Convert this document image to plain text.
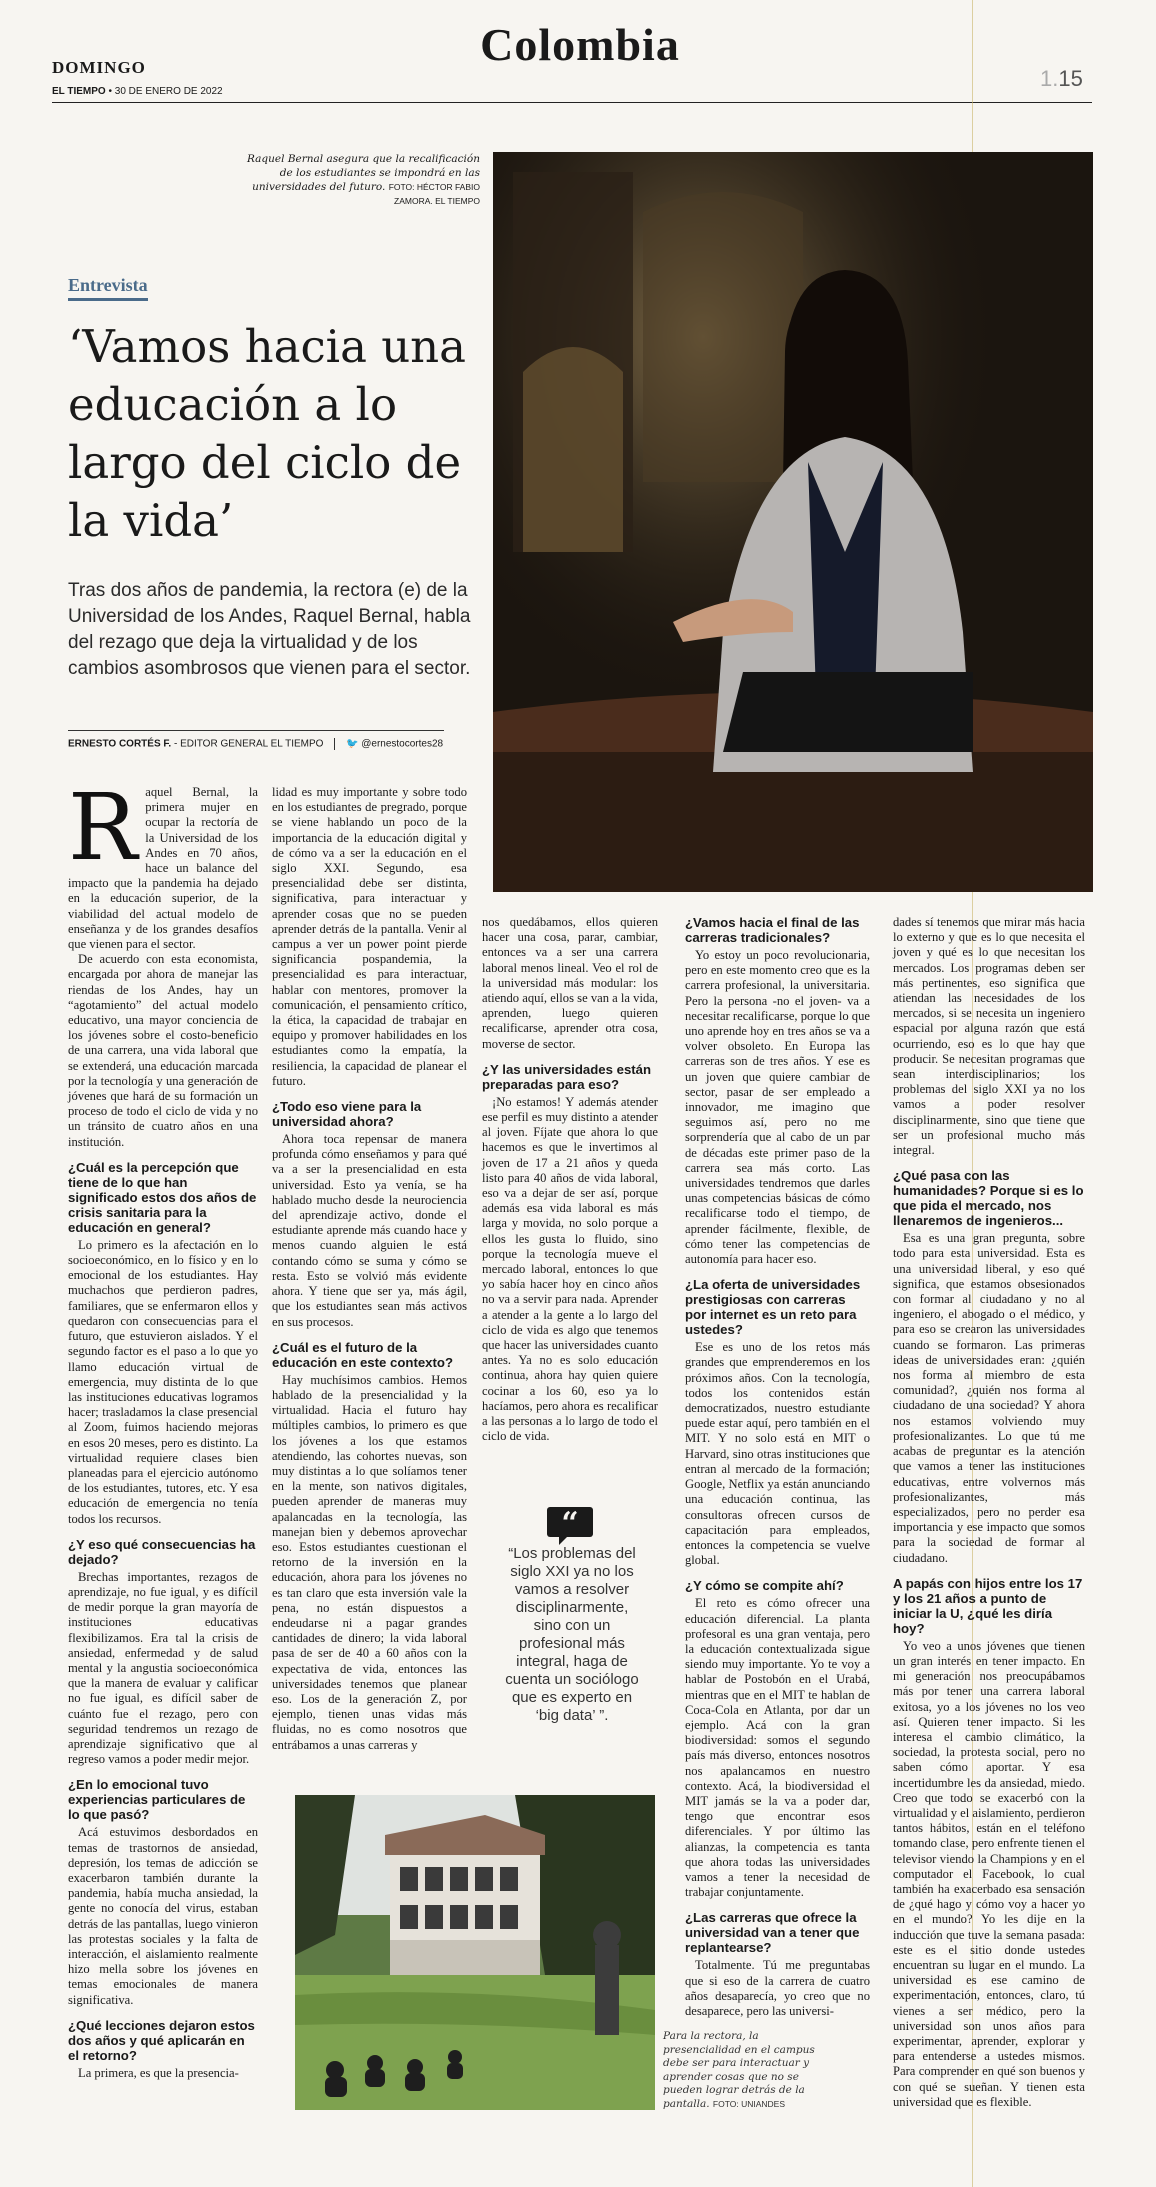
Colombia
DOMINGO
EL TIEMPO • 30 DE ENERO DE 2022
1.15
Raquel Bernal asegura que la recalificación de los estudiantes se impondrá en las universidades del futuro. FOTO: HÉCTOR FABIO ZAMORA. EL TIEMPO
Entrevista
‘Vamos hacia una educación a lo largo del ciclo de la vida’
Tras dos años de pandemia, la rectora (e) de la Universidad de los Andes, Raquel Bernal, habla del rezago que deja la virtualidad y de los cambios asombrosos que vienen para el sector.
ERNESTO CORTÉS F. - EDITOR GENERAL EL TIEMPO 🐦 @ernestocortes28
R aquel Bernal, la primera mujer en ocupar la rectoría de la Universidad de los Andes en 70 años, hace un balance del impacto que la pandemia ha dejado en la educación superior, de la viabilidad del actual modelo de enseñanza y de los grandes desafíos que vienen para el sector.

De acuerdo con esta economista, encargada por ahora de manejar las riendas de los Andes, hay un “agotamiento” del actual modelo educativo, una mayor conciencia de los jóvenes sobre el costo-beneficio de una carrera, una vida laboral que se extenderá, una educación marcada por la tecnología y una generación de jóvenes que hará de su formación un proceso de todo el ciclo de vida y no un tránsito de cuatro años en una institución.

¿Cuál es la percepción que tiene de lo que han significado estos dos años de crisis sanitaria para la educación en general?

Lo primero es la afectación en lo socioeconómico, en lo físico y en lo emocional de los estudiantes. Hay muchachos que perdieron padres, familiares, que se enfermaron ellos y quedaron con consecuencias para el futuro, que estuvieron aislados. Y el segundo factor es el paso a lo que yo llamo educación virtual de emergencia, muy distinta de lo que las instituciones educativas logramos hacer; trasladamos la clase presencial al Zoom, fuimos haciendo mejoras en esos 20 meses, pero es distinto. La virtualidad requiere clases bien planeadas para el ejercicio autónomo de los estudiantes, tutores, etc. Y esa educación de emergencia no tenía todos los recursos.

¿Y eso qué consecuencias ha dejado?

Brechas importantes, rezagos de aprendizaje, no fue igual, y es difícil de medir porque la gran mayoría de instituciones educativas flexibilizamos. Era tal la crisis de ansiedad, enfermedad y de salud mental y la angustia socioeconómica que la manera de evaluar y calificar no fue igual, es difícil saber de cuánto fue el rezago, pero con seguridad tendremos un rezago de aprendizaje significativo que al regreso vamos a poder medir mejor.

¿En lo emocional tuvo experiencias particulares de lo que pasó?

Acá estuvimos desbordados en temas de trastornos de ansiedad, depresión, los temas de adicción se exacerbaron también durante la pandemia, había mucha ansiedad, la gente no conocía del virus, estaban detrás de las pantallas, luego vinieron las protestas sociales y la falta de interacción, el aislamiento realmente hizo mella sobre los jóvenes en temas emocionales de manera significativa.

¿Qué lecciones dejaron estos dos años y qué aplicarán en el retorno?

La primera, es que la presencia-

lidad es muy importante y sobre todo en los estudiantes de pregrado, porque se viene hablando un poco de la importancia de la educación digital y de cómo va a ser la educación en el siglo XXI. Segundo, esa presencialidad debe ser distinta, significativa, para interactuar y aprender cosas que no se pueden aprender detrás de la pantalla. Venir al campus a ver un power point pierde significancia pospandemia, la presencialidad es para interactuar, hablar con mentores, promover la comunicación, el pensamiento crítico, la ética, la capacidad de trabajar en equipo y promover habilidades en los estudiantes como la empatía, la resiliencia, la capacidad de planear el futuro.

¿Todo eso viene para la universidad ahora?

Ahora toca repensar de manera profunda cómo enseñamos y para qué va a ser la presencialidad en esta universidad. Esto ya venía, se ha hablado mucho desde la neurociencia del aprendizaje activo, donde el estudiante aprende más cuando hace y menos cuando alguien le está contando cómo se suma y cómo se resta. Esto se volvió más evidente ahora. Y tiene que ser ya, más ágil, que los estudiantes sean más activos en sus procesos.

¿Cuál es el futuro de la educación en este contexto?

Hay muchísimos cambios. Hemos hablado de la presencialidad y la virtualidad. Hacia el futuro hay múltiples cambios, lo primero es que los jóvenes a los que estamos atendiendo, las cohortes nuevas, son muy distintas a lo que solíamos tener en la mente, son nativos digitales, pueden aprender de maneras muy apalancadas en la tecnología, las manejan bien y debemos aprovechar eso. Estos estudiantes cuestionan el retorno de la inversión en la educación, ahora para los jóvenes no es tan claro que esta inversión vale la pena, no están dispuestos a endeudarse ni a pagar grandes cantidades de dinero; la vida laboral pasa de ser de 40 a 60 años con la expectativa de vida, entonces las universidades tenemos que planear eso. Los de la generación Z, por ejemplo, tienen unas vidas más fluidas, no es como nosotros que entrábamos a unas carreras y

nos quedábamos, ellos quieren hacer una cosa, parar, cambiar, entonces va a ser una carrera laboral menos lineal. Veo el rol de la universidad más modular: los atiendo aquí, ellos se van a la vida, aprenden, luego quieren recalificarse, aprender otra cosa, moverse de sector.

¿Y las universidades están preparadas para eso?

¡No estamos! Y además atender ese perfil es muy distinto a atender al joven. Fíjate que ahora lo que hacemos es que le invertimos al joven de 17 a 21 años y queda listo para 40 años de vida laboral, eso va a dejar de ser así, porque además esa vida laboral es más larga y movida, no solo porque a ellos les gusta lo fluido, sino porque la tecnología mueve el mercado laboral, entonces lo que yo sabía hacer hoy en cinco años no va a servir para nada. Aprender a atender a la gente a lo largo del ciclo de vida es algo que tenemos que hacer las universidades cuanto antes. Ya no es solo educación continua, ahora hay quien quiere cocinar a los 60, eso ya lo hacíamos, pero ahora es recalificar a las personas a lo largo de todo el ciclo de vida.

“
“Los problemas del siglo XXI ya no los vamos a resolver disciplinarmente, sino con un profesional más integral, haga de cuenta un sociólogo que es experto en ‘big data’ ”.
¿Vamos hacia el final de las carreras tradicionales?

Yo estoy un poco revolucionaria, pero en este momento creo que es la carrera profesional, la universitaria. Pero la persona -no el joven- va a necesitar recalificarse, porque lo que uno aprende hoy en tres años se va a volver obsoleto. En Europa las carreras son de tres años. Y ese es un joven que quiere cambiar de sector, pasar de ser empleado a innovador, me imagino que seguimos así, pero no me sorprendería que al cabo de un par de décadas este primer paso de la carrera sea más corto. Las universidades tendremos que darles unas competencias básicas de cómo recalificarse todo el tiempo, de aprender fácilmente, flexible, de cómo tener las competencias de autonomía para hacer eso.

¿La oferta de universidades prestigiosas con carreras por internet es un reto para ustedes?

Ese es uno de los retos más grandes que emprenderemos en los próximos años. Con la tecnología, todos los contenidos están democratizados, nuestro estudiante puede estar aquí, pero también en el MIT. Y no solo está en MIT o Harvard, sino otras instituciones que entran al mercado de la formación; Google, Netflix ya están anunciando una educación continua, las consultoras ofrecen cursos de capacitación para empleados, entonces la competencia se vuelve global.

¿Y cómo se compite ahí?

El reto es cómo ofrecer una educación diferencial. La planta profesoral es una gran ventaja, pero la educación contextualizada sigue siendo muy importante. Yo te voy a hablar de Postobón en el Urabá, mientras que en el MIT te hablan de Coca-Cola en Atlanta, por dar un ejemplo. Acá con la gran biodiversidad: somos el segundo país más diverso, entonces nosotros nos apalancamos en nuestro contexto. Acá, la biodiversidad el MIT jamás se la va a poder dar, tengo que encontrar esos diferenciales. Y por último las alianzas, la competencia es tanta que ahora todas las universidades vamos a tener la necesidad de trabajar conjuntamente.

¿Las carreras que ofrece la universidad van a tener que replantearse?

Totalmente. Tú me preguntabas que si eso de la carrera de cuatro años desaparecía, yo creo que no desaparece, pero las universi-

dades sí tenemos que mirar más hacia lo externo y que es lo que necesita el joven y qué es lo que necesitan los mercados. Los programas deben ser más pertinentes, eso significa que atiendan las necesidades de los mercados, si se necesita un ingeniero espacial por alguna razón que está ocurriendo, eso es lo que hay que producir. Se necesitan programas que sean interdisciplinarios; los problemas del siglo XXI ya no los vamos a poder resolver disciplinarmente, sino que tiene que ser un profesional mucho más integral.

¿Qué pasa con las humanidades? Porque si es lo que pida el mercado, nos llenaremos de ingenieros...

Esa es una gran pregunta, sobre todo para esta universidad. Esta es una universidad liberal, y eso qué significa, que estamos obsesionados con formar al ciudadano y no al ingeniero, el abogado o el médico, y para eso se crearon las universidades cuando se formaron. Las primeras ideas de universidades eran: ¿quién nos forma al miembro de esta comunidad?, ¿quién nos forma al ciudadano de una sociedad? Y ahora nos estamos volviendo muy profesionalizantes. Lo que tú me acabas de preguntar es la atención que vamos a tener las instituciones educativas, entre volvernos más profesionalizantes, más especializados, pero no perder esa importancia y ese impacto que somos para la sociedad de formar al ciudadano.

A papás con hijos entre los 17 y los 21 años a punto de iniciar la U, ¿qué les diría hoy?

Yo veo a unos jóvenes que tienen un gran interés en tener impacto. En mi generación nos preocupábamos más por tener una carrera laboral exitosa, yo a los jóvenes no los veo así. Quieren tener impacto. Si les interesa el cambio climático, la sociedad, la protesta social, pero no saben cómo aportar. Y esa incertidumbre les da ansiedad, miedo. Creo que todo se exacerbó con la virtualidad y el aislamiento, perdieron tantos hábitos, están en el teléfono tomando clase, pero enfrente tienen el televisor viendo la Champions y en el computador el Facebook, lo cual también ha exacerbado esa sensación de ¿qué hago y cómo voy a hacer yo en el mundo? Yo les dije en la inducción que tuve la semana pasada: este es el sitio donde ustedes encuentran su lugar en el mundo. La universidad es ese camino de experimentación, entonces, claro, tú vienes a ser médico, pero la universidad son unos años para experimentar, aprender, explorar y para entenderse a ustedes mismos. Para comprender en qué son buenos y con qué se sueñan. Y tienen esta universidad que es flexible.

Para la rectora, la presencialidad en el campus debe ser para interactuar y aprender cosas que no se pueden lograr detrás de la pantalla. FOTO: UNIANDES
